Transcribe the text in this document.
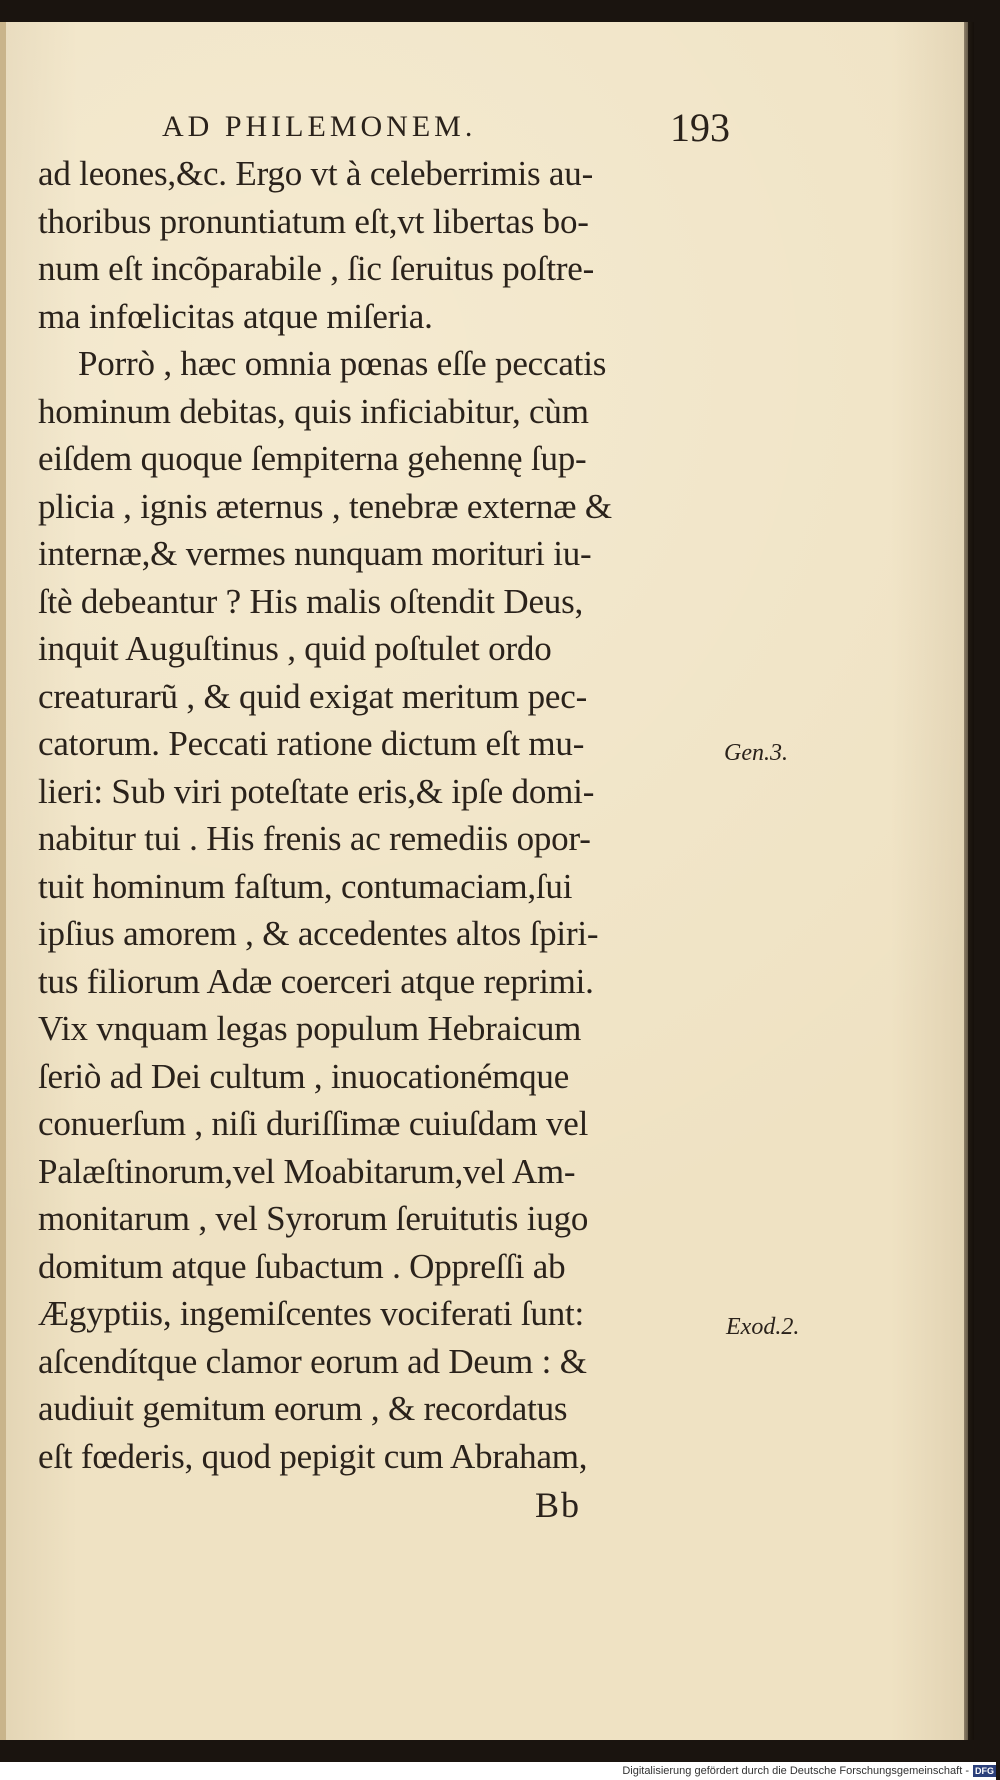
AD PHILEMONEM.	193
ad leones,&c. Ergo vt à celeberrimis au-
thoribus pronuntiatum eſt,vt libertas bo-
num eſt incõparabile , ſic ſeruitus poſtre-
ma infœlicitas atque miſeria.
Porrò , hæc omnia pœnas eſſe peccatis
hominum debitas, quis inficiabitur, cùm
eiſdem quoque ſempiterna gehennę ſup-
plicia , ignis æternus , tenebræ externæ &
internæ,& vermes nunquam morituri iu-
ſtè debeantur ? His malis oſtendit Deus,
inquit Auguſtinus , quid poſtulet ordo
creaturarũ , & quid exigat meritum pec-
catorum. Peccati ratione dictum eſt mu-
lieri: Sub viri poteſtate eris,& ipſe domi-
nabitur tui . His frenis ac remediis opor-
tuit hominum faſtum, contumaciam,ſui
ipſius amorem , & accedentes altos ſpiri-
tus filiorum Adæ coerceri atque reprimi.
Vix vnquam legas populum Hebraicum
ſeriò ad Dei cultum , inuocationémque
conuerſum , niſi duriſſimæ cuiuſdam vel
Palæſtinorum,vel Moabitarum,vel Am-
monitarum , vel Syrorum ſeruitutis iugo
domitum atque ſubactum . Oppreſſi ab
Ægyptiis, ingemiſcentes vociferati ſunt:
aſcendítque clamor eorum ad Deum : &
audiuit gemitum eorum , & recordatus
eſt fœderis, quod pepigit cum Abraham,
Gen.3.
Exod.2.
Bb
Digitalisierung gefördert durch die Deutsche Forschungsgemeinschaft - DFG
